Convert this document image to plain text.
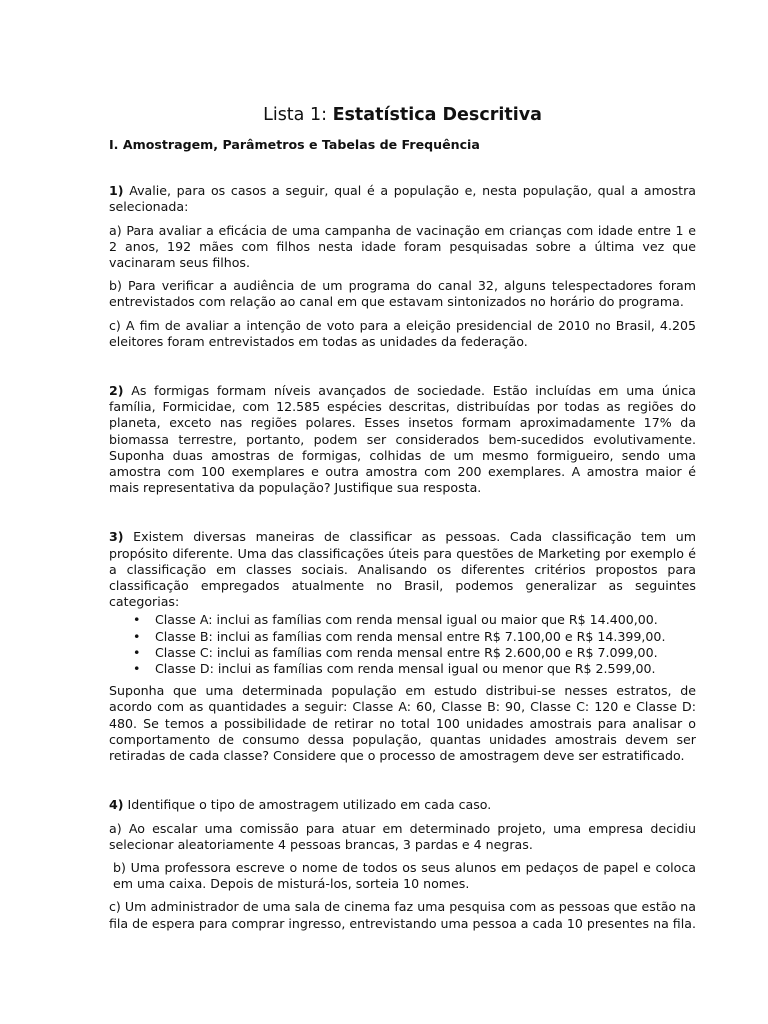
Lista 1: Estatística Descritiva
I. Amostragem, Parâmetros e Tabelas de Frequência

1) Avalie, para os casos a seguir, qual é a população e, nesta população, qual a amostra selecionada:

a) Para avaliar a eficácia de uma campanha de vacinação em crianças com idade entre 1 e 2 anos, 192 mães com filhos nesta idade foram pesquisadas sobre a última vez que vacinaram seus filhos.

b) Para verificar a audiência de um programa do canal 32, alguns telespectadores foram entrevistados com relação ao canal em que estavam sintonizados no horário do programa.

c) A fim de avaliar a intenção de voto para a eleição presidencial de 2010 no Brasil, 4.205 eleitores foram entrevistados em todas as unidades da federação.

2) As formigas formam níveis avançados de sociedade. Estão incluídas em uma única família, Formicidae, com 12.585 espécies descritas, distribuídas por todas as regiões do planeta, exceto nas regiões polares. Esses insetos formam aproximadamente 17% da biomassa terrestre, portanto, podem ser considerados bem-sucedidos evolutivamente. Suponha duas amostras de formigas, colhidas de um mesmo formigueiro, sendo uma amostra com 100 exemplares e outra amostra com 200 exemplares. A amostra maior é mais representativa da população? Justifique sua resposta.

3) Existem diversas maneiras de classificar as pessoas. Cada classificação tem um propósito diferente. Uma das classificações úteis para questões de Marketing por exemplo é a classificação em classes sociais. Analisando os diferentes critérios propostos para classificação empregados atualmente no Brasil, podemos generalizar as seguintes categorias:

• Classe A: inclui as famílias com renda mensal igual ou maior que R$ 14.400,00.
• Classe B: inclui as famílias com renda mensal entre R$ 7.100,00 e R$ 14.399,00.
• Classe C: inclui as famílias com renda mensal entre R$ 2.600,00 e R$ 7.099,00.
• Classe D: inclui as famílias com renda mensal igual ou menor que R$ 2.599,00.

Suponha que uma determinada população em estudo distribui-se nesses estratos, de acordo com as quantidades a seguir: Classe A: 60, Classe B: 90, Classe C: 120 e Classe D: 480. Se temos a possibilidade de retirar no total 100 unidades amostrais para analisar o comportamento de consumo dessa população, quantas unidades amostrais devem ser retiradas de cada classe? Considere que o processo de amostragem deve ser estratificado.

4) Identifique o tipo de amostragem utilizado em cada caso.

a) Ao escalar uma comissão para atuar em determinado projeto, uma empresa decidiu selecionar aleatoriamente 4 pessoas brancas, 3 pardas e 4 negras.

b) Uma professora escreve o nome de todos os seus alunos em pedaços de papel e coloca em uma caixa. Depois de misturá-los, sorteia 10 nomes.

c) Um administrador de uma sala de cinema faz uma pesquisa com as pessoas que estão na fila de espera para comprar ingresso, entrevistando uma pessoa a cada 10 presentes na fila.
